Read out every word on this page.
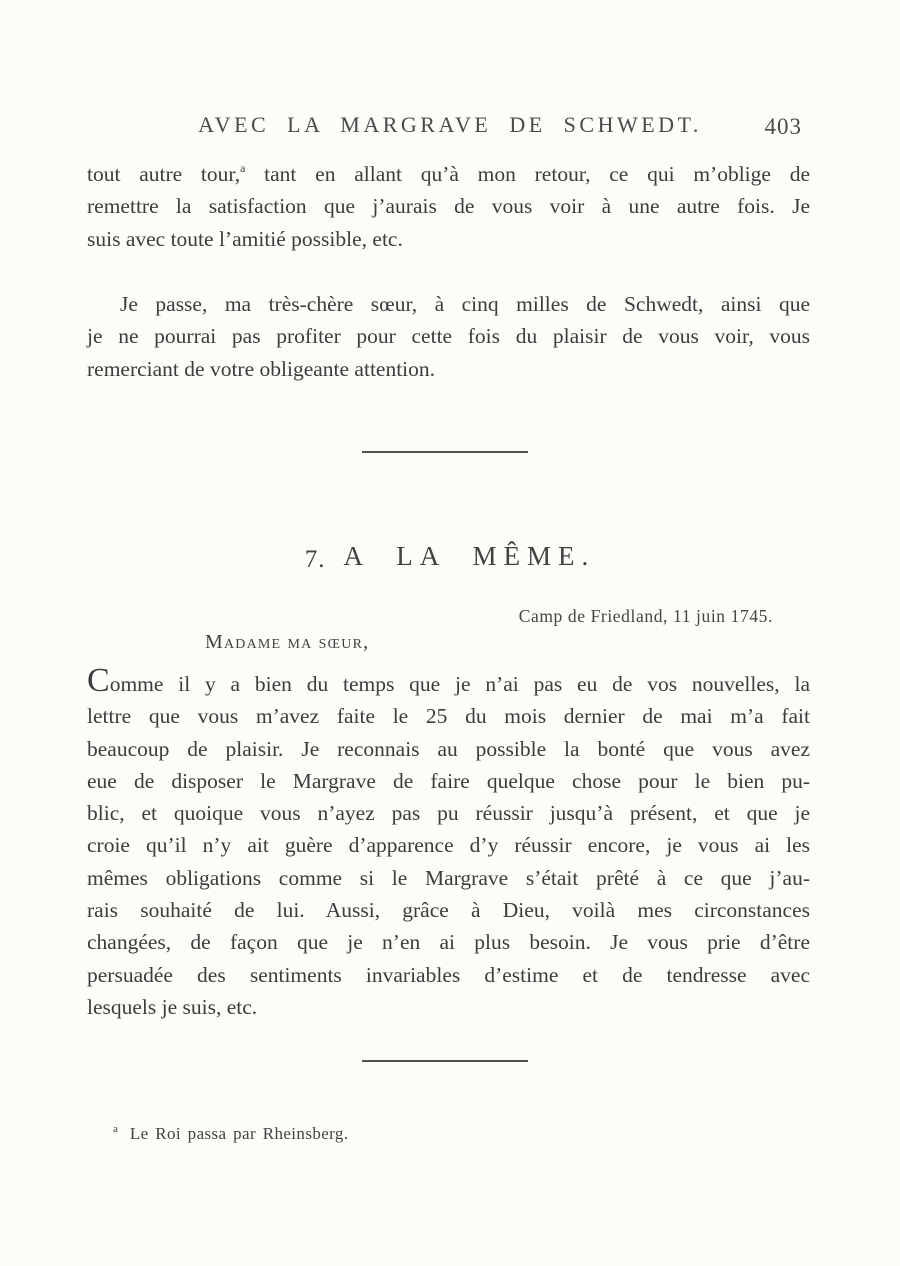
AVEC LA MARGRAVE DE SCHWEDT.	403
tout autre tour,$^a$ tant en allant qu’à mon retour, ce qui m’oblige de
remettre la satisfaction que j’aurais de vous voir à une autre fois. Je
suis avec toute l’amitié possible, etc.
Je passe, ma très-chère sœur, à cinq milles de Schwedt, ainsi que
je ne pourrai pas profiter pour cette fois du plaisir de vous voir, vous
remerciant de votre obligeante attention.
7. A LA MÊME.
Camp de Friedland, 11 juin 1745.
Madame ma sœur,
Comme il y a bien du temps que je n’ai pas eu de vos nouvelles, la
lettre que vous m’avez faite le 25 du mois dernier de mai m’a fait
beaucoup de plaisir. Je reconnais au possible la bonté que vous avez
eue de disposer le Margrave de faire quelque chose pour le bien pu-
blic, et quoique vous n’ayez pas pu réussir jusqu’à présent, et que je
croie qu’il n’y ait guère d’apparence d’y réussir encore, je vous ai les
mêmes obligations comme si le Margrave s’était prêté à ce que j’au-
rais souhaité de lui. Aussi, grâce à Dieu, voilà mes circonstances
changées, de façon que je n’en ai plus besoin. Je vous prie d’être
persuadée des sentiments invariables d’estime et de tendresse avec
lesquels je suis, etc.
$^a$ Le Roi passa par Rheinsberg.
